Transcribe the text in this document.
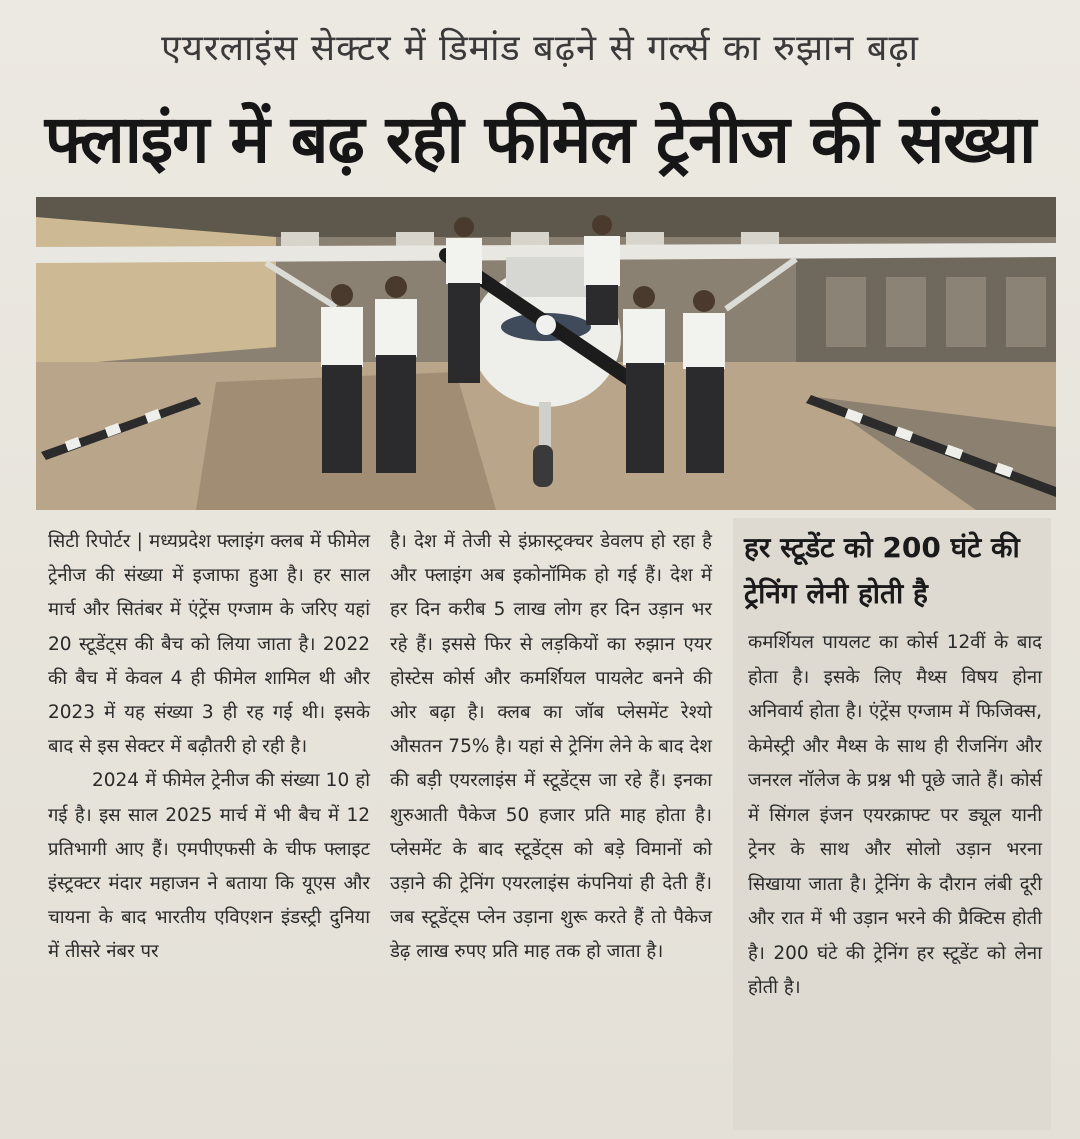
एयरलाइंस सेक्टर में डिमांड बढ़ने से गर्ल्स का रुझान बढ़ा
फ्लाइंग में बढ़ रही फीमेल ट्रेनीज की संख्या

सिटी रिपोर्टर | मध्यप्रदेश फ्लाइंग क्लब में फीमेल ट्रेनीज की संख्या में इजाफा हुआ है। हर साल मार्च और सितंबर में एंट्रेंस एग्जाम के जरिए यहां 20 स्टूडेंट्स की बैच को लिया जाता है। 2022 की बैच में केवल 4 ही फीमेल शामिल थी और 2023 में यह संख्या 3 ही रह गई थी। इसके बाद से इस सेक्टर में बढ़ौतरी हो रही है।

2024 में फीमेल ट्रेनीज की संख्या 10 हो गई है। इस साल 2025 मार्च में भी बैच में 12 प्रतिभागी आए हैं। एमपीएफसी के चीफ फ्लाइट इंस्ट्रक्टर मंदार महाजन ने बताया कि यूएस और चायना के बाद भारतीय एविएशन इंडस्ट्री दुनिया में तीसरे नंबर पर

है। देश में तेजी से इंफ्रास्ट्रक्चर डेवलप हो रहा है और फ्लाइंग अब इकोनॉमिक हो गई हैं। देश में हर दिन करीब 5 लाख लोग हर दिन उड़ान भर रहे हैं। इससे फिर से लड़कियों का रुझान एयर होस्टेस कोर्स और कमर्शियल पायलेट बनने की ओर बढ़ा है। क्लब का जॉब प्लेसमेंट रेश्यो औसतन 75% है। यहां से ट्रेनिंग लेने के बाद देश की बड़ी एयरलाइंस में स्टूडेंट्स जा रहे हैं। इनका शुरुआती पैकेज 50 हजार प्रति माह होता है। प्लेसमेंट के बाद स्टूडेंट्स को बड़े विमानों को उड़ाने की ट्रेनिंग एयरलाइंस कंपनियां ही देती हैं। जब स्टूडेंट्स प्लेन उड़ाना शुरू करते हैं तो पैकेज डेढ़ लाख रुपए प्रति माह तक हो जाता है।

हर स्टूडेंट को 200 घंटे की ट्रेनिंग लेनी होती है
कमर्शियल पायलट का कोर्स 12वीं के बाद होता है। इसके लिए मैथ्स विषय होना अनिवार्य होता है। एंट्रेंस एग्जाम में फिजिक्स, केमेस्ट्री और मैथ्स के साथ ही रीजनिंग और जनरल नॉलेज के प्रश्न भी पूछे जाते हैं। कोर्स में सिंगल इंजन एयरक्राफ्ट पर ड्यूल यानी ट्रेनर के साथ और सोलो उड़ान भरना सिखाया जाता है। ट्रेनिंग के दौरान लंबी दूरी और रात में भी उड़ान भरने की प्रैक्टिस होती है। 200 घंटे की ट्रेनिंग हर स्टूडेंट को लेना होती है।
